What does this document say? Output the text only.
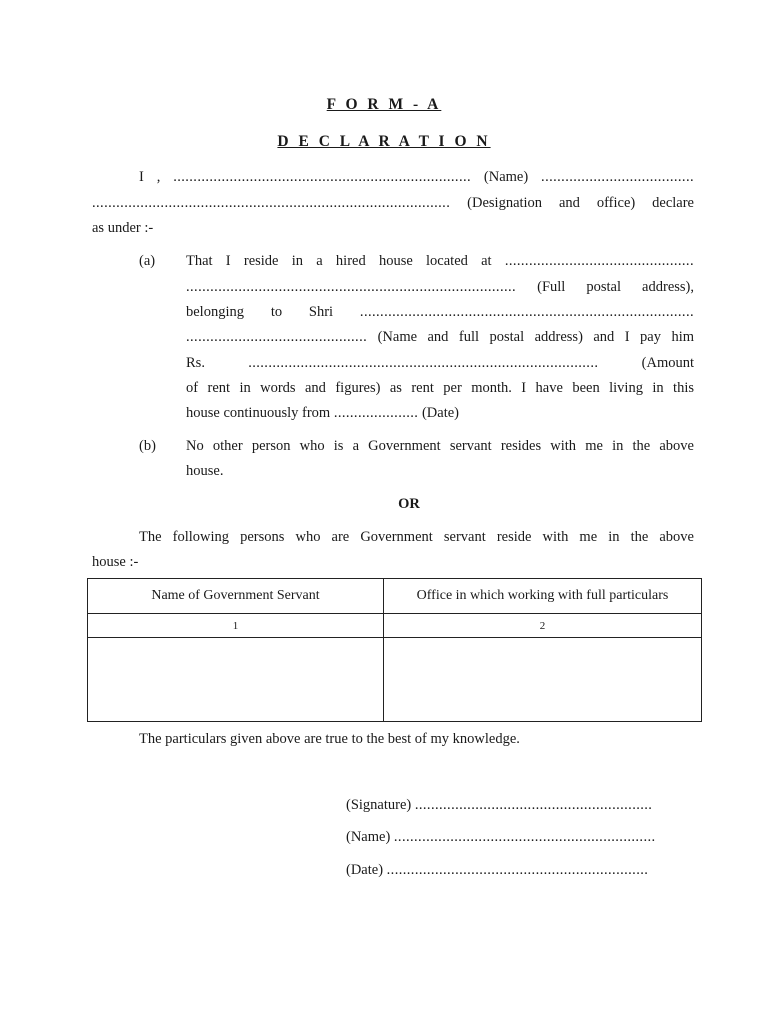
F O R M - A
D E C L A R A T I O N
I , .......................................................................... (Name) ......................................
......................................................................................... (Designation and office) declare
as under :-
(a) That I reside in a hired house located at ...............................................
.................................................................................. (Full postal address),
belonging to Shri ...................................................................................
............................................. (Name and full postal address) and I pay him
Rs. ....................................................................................... (Amount
of rent in words and figures) as rent per month. I have been living in this
house continuously from ..................... (Date)
(b) No other person who is a Government servant resides with me in the above
house.
OR
The following persons who are Government servant reside with me in the above
house :-
Name of Government Servant	Office in which working with full particulars
1	2

The particulars given above are true to the best of my knowledge.
(Signature) ...........................................................
(Name) .................................................................
(Date) .................................................................
